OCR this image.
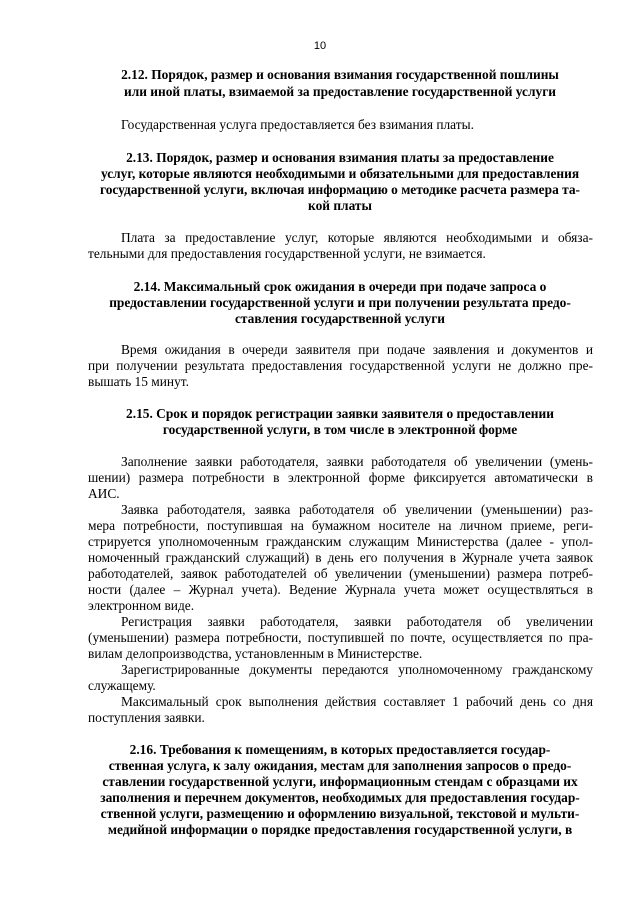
10
2.12. Порядок, размер и основания взимания государственной пошлины
или иной платы, взимаемой за предоставление государственной услуги
Государственная услуга предоставляется без взимания платы.
2.13. Порядок, размер и основания взимания платы за предоставление
услуг, которые являются необходимыми и обязательными для предоставления
государственной услуги, включая информацию о методике расчета размера та-
кой платы
Плата за предоставление услуг, которые являются необходимыми и обяза-
тельными для предоставления государственной услуги, не взимается.
2.14. Максимальный срок ожидания в очереди при подаче запроса о
предоставлении государственной услуги и при получении результата предо-
ставления государственной услуги
Время ожидания в очереди заявителя при подаче заявления и документов и
при получении результата предоставления государственной услуги не должно пре-
вышать 15 минут.
2.15. Срок и порядок регистрации заявки заявителя о предоставлении
государственной услуги, в том числе в электронной форме
Заполнение заявки работодателя, заявки работодателя об увеличении (умень-
шении) размера потребности в электронной форме фиксируется автоматически в
АИС.
Заявка работодателя, заявка работодателя об увеличении (уменьшении) раз-
мера потребности, поступившая на бумажном носителе на личном приеме, реги-
стрируется уполномоченным гражданским служащим Министерства (далее - упол-
номоченный гражданский служащий) в день его получения в Журнале учета заявок
работодателей, заявок работодателей об увеличении (уменьшении) размера потреб-
ности (далее – Журнал учета). Ведение Журнала учета может осуществляться в
электронном виде.
Регистрация заявки работодателя, заявки работодателя об увеличении
(уменьшении) размера потребности, поступившей по почте, осуществляется по пра-
вилам делопроизводства, установленным в Министерстве.
Зарегистрированные документы передаются уполномоченному гражданскому
служащему.
Максимальный срок выполнения действия составляет 1 рабочий день со дня
поступления заявки.
2.16. Требования к помещениям, в которых предоставляется государ-
ственная услуга, к залу ожидания, местам для заполнения запросов о предо-
ставлении государственной услуги, информационным стендам с образцами их
заполнения и перечнем документов, необходимых для предоставления государ-
ственной услуги, размещению и оформлению визуальной, текстовой и мульти-
медийной информации о порядке предоставления государственной услуги, в
